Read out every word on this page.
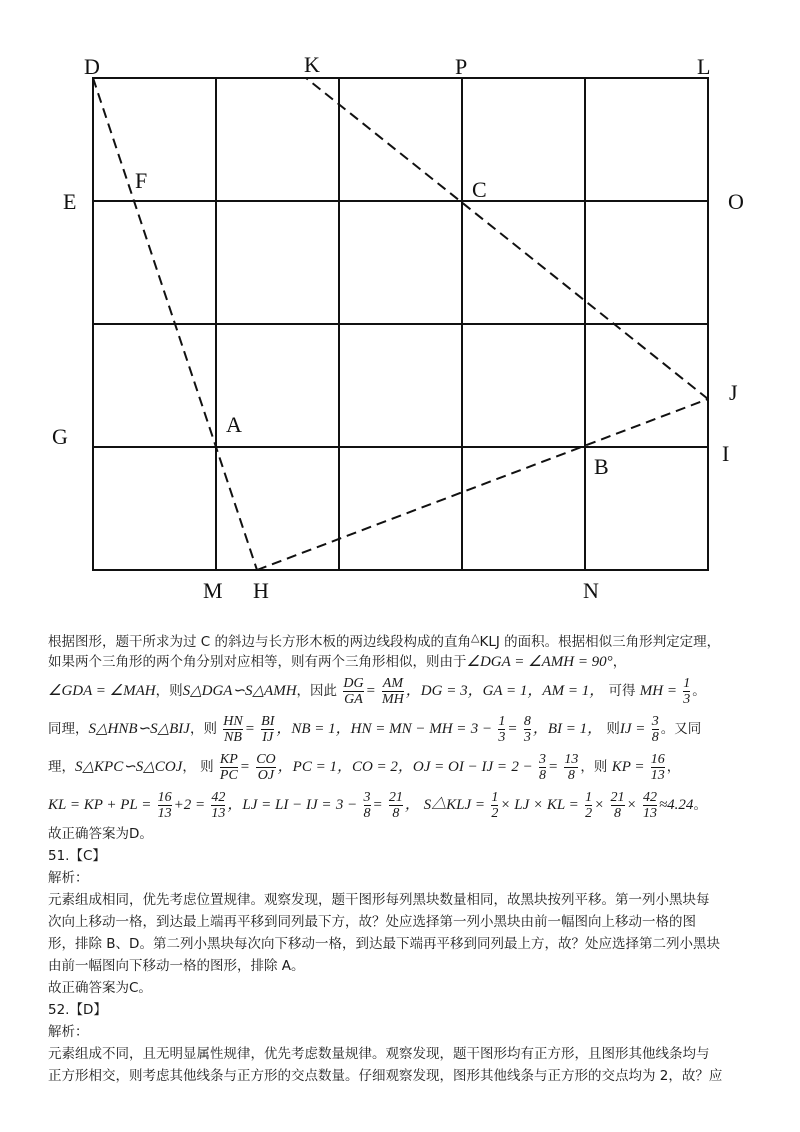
D	K	P	L
E
F	C	O
J
G	A
I
B
M H	N
根据图形，题干所求为过 C 的斜边与长方形木板的两边线段构成的直角△KLJ 的面积。根据相似三角形判定定理，
如果两个三角形的两个角分别对应相等，则有两个三角形相似，则由于∠DGA = ∠AMH = 90°，
∠GDA = ∠MAH，则S△DGA∽S△AMH，因此 $\frac{DG}{GA} = \frac{AM}{MH}$ ，DG = 3，GA = 1，AM = 1， 可得 MH = $\frac{1}{3}$ 。
同理，S△HNB∽S△BIJ，则 $\frac{HN}{NB} = \frac{BI}{IJ}$ ，NB = 1，HN = MN − MH = $3 - \frac{1}{3} = \frac{8}{3}$ ，BI = 1， 则IJ = $\frac{3}{8}$ 。又同
理，S△KPC∽S△COJ， 则 $\frac{KP}{PC} = \frac{CO}{OJ}$ ，PC = 1，CO = 2，OJ = OI − IJ = $2 - \frac{3}{8} = \frac{13}{8}$ ，则 KP = $\frac{16}{13}$ ，
KL = KP + PL = $\frac{16}{13} +2 = \frac{42}{13}$ ，LJ = LI − IJ = $3 - \frac{3}{8} = \frac{21}{8}$ ， S△KLJ = $\frac{1}{2}$ × LJ × KL = $\frac{1}{2} \times \frac{21}{8} \times \frac{42}{13} \approx 4.24$。
故正确答案为D。
51.【C】
解析：
元素组成相同，优先考虑位置规律。观察发现，题干图形每列黑块数量相同，故黑块按列平移。第一列小黑块每
次向上移动一格，到达最上端再平移到同列最下方，故？处应选择第一列小黑块由前一幅图向上移动一格的图
形，排除 B、D。第二列小黑块每次向下移动一格，到达最下端再平移到同列最上方，故？处应选择第二列小黑块
由前一幅图向下移动一格的图形，排除 A。
故正确答案为C。
52.【D】
解析：
元素组成不同，且无明显属性规律，优先考虑数量规律。观察发现，题干图形均有正方形，且图形其他线条均与
正方形相交，则考虑其他线条与正方形的交点数量。仔细观察发现，图形其他线条与正方形的交点均为 2，故？应
